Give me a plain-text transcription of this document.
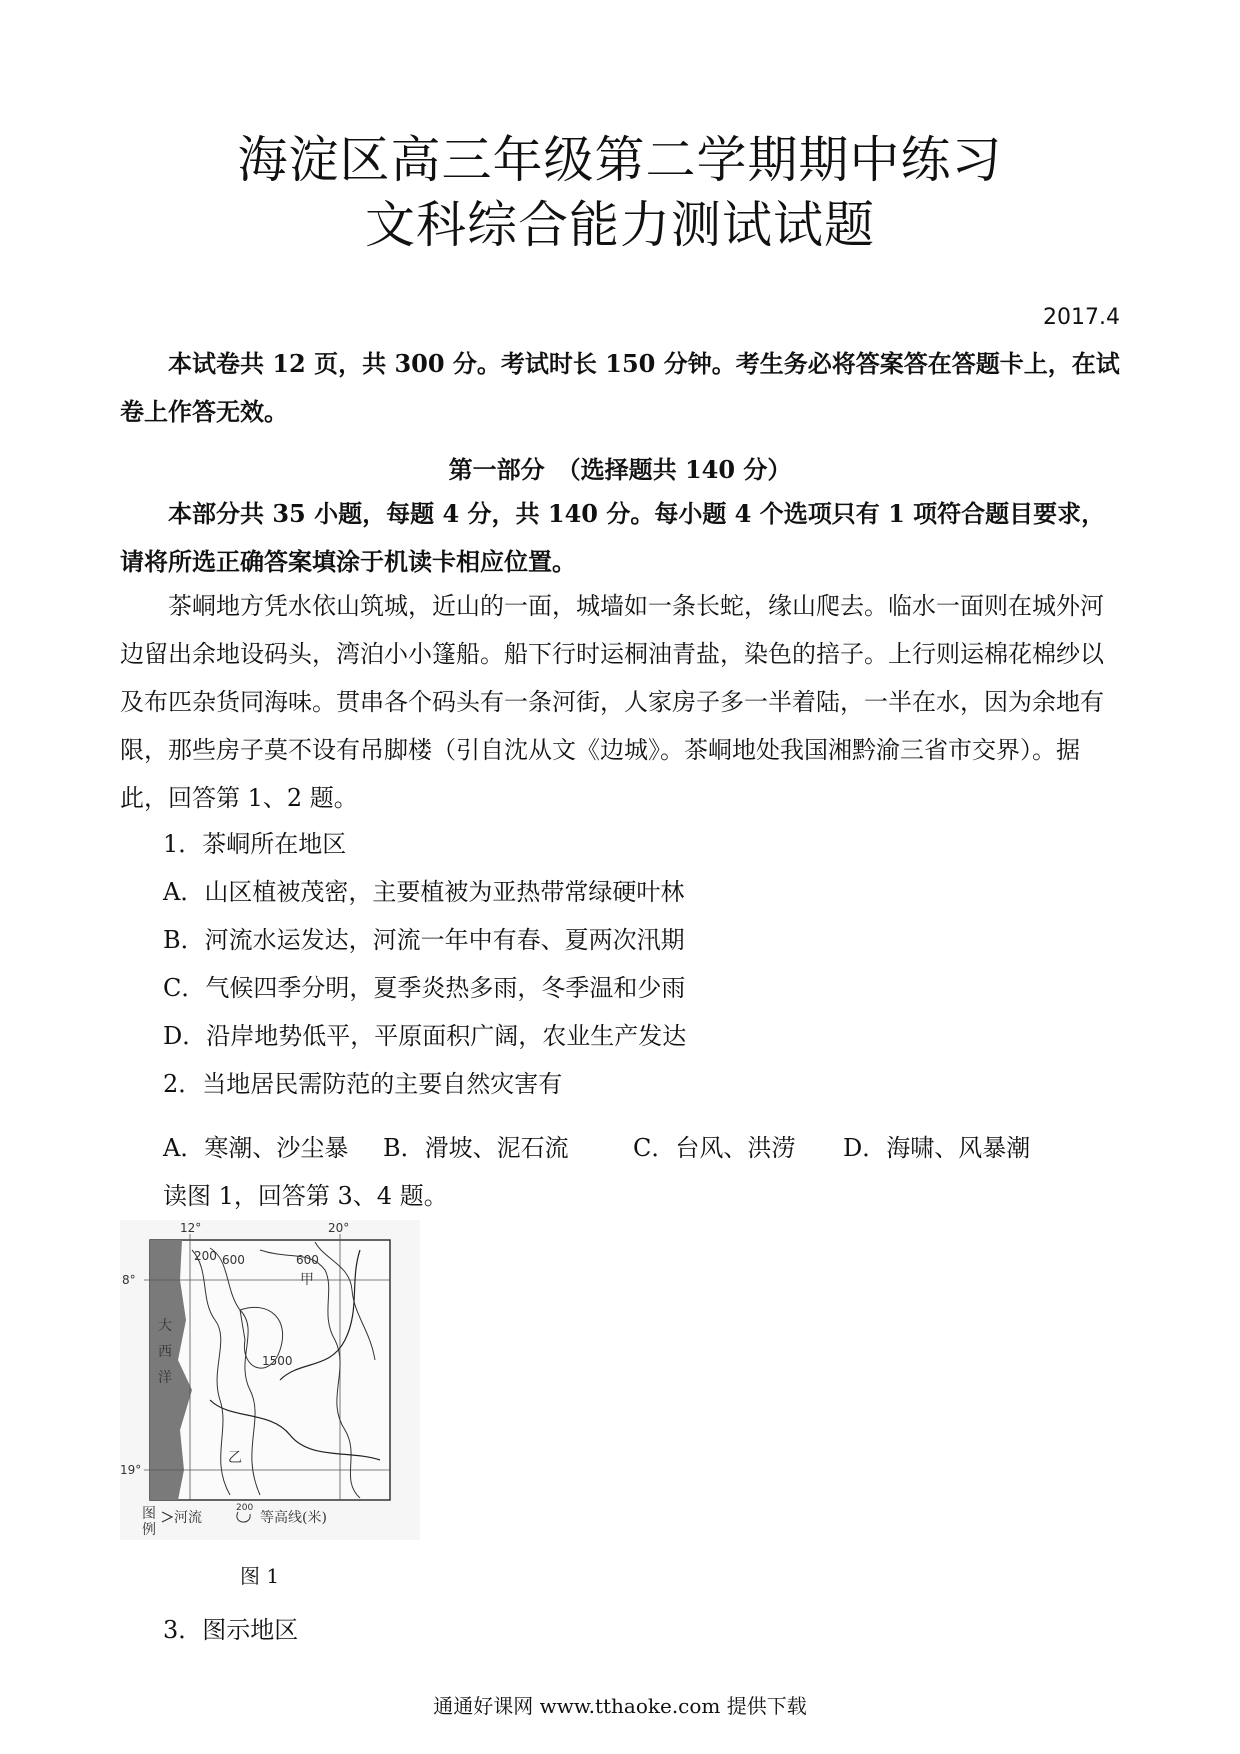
海淀区高三年级第二学期期中练习
文科综合能力测试试题
2017.4
本试卷共 12 页，共 300 分。考试时长 150 分钟。考生务必将答案答在答题卡上，在试卷上作答无效。
第一部分　（选择题共 140 分）
本部分共 35 小题，每题 4 分，共 140 分。每小题 4 个选项只有 1 项符合题目要求，请将所选正确答案填涂于机读卡相应位置。
茶峒地方凭水依山筑城，近山的一面，城墙如一条长蛇，缘山爬去。临水一面则在城外河边留出余地设码头，湾泊小小篷船。船下行时运桐油青盐，染色的掊子。上行则运棉花棉纱以及布匹杂货同海味。贯串各个码头有一条河街，人家房子多一半着陆，一半在水，因为余地有限，那些房子莫不设有吊脚楼（引自沈从文《边城》。茶峒地处我国湘黔渝三省市交界）。据此，回答第 1、2 题。
1．茶峒所在地区
A．山区植被茂密，主要植被为亚热带常绿硬叶林
B．河流水运发达，河流一年中有春、夏两次汛期
C．气候四季分明，夏季炎热多雨，冬季温和少雨
D．沿岸地势低平，平原面积广阔，农业生产发达
2．当地居民需防范的主要自然灾害有
A．寒潮、沙尘暴 B．滑坡、泥石流	C．台风、洪涝 D．海啸、风暴潮
读图 1，回答第 3、4 题。
12°	20°
8°
19°
200 600	600
1500
大
西
洋
甲
乙
图
例
河流
200
等高线(米)
图 1
3．图示地区
通通好课网 www.tthaoke.com 提供下载
